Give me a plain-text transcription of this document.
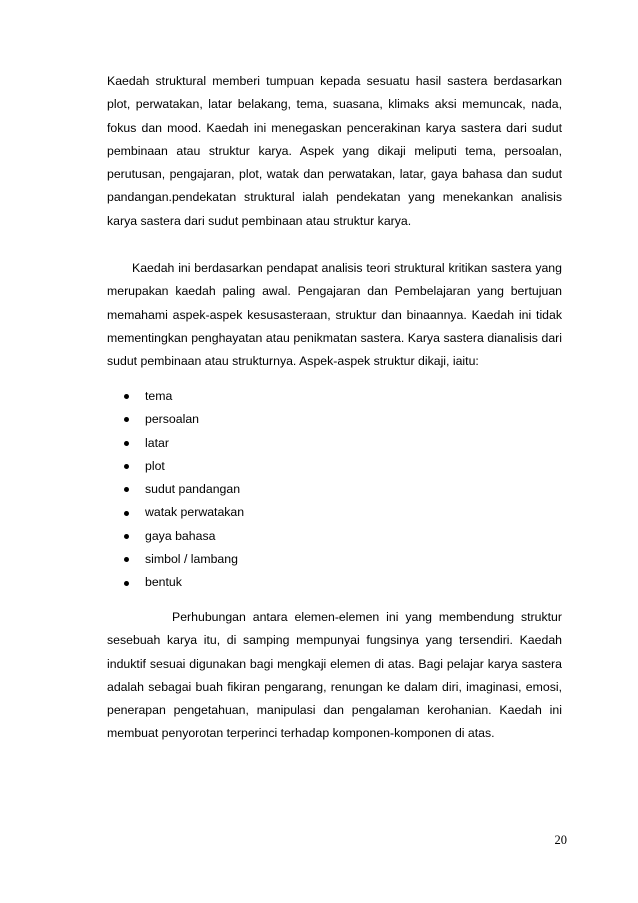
Kaedah struktural memberi tumpuan kepada sesuatu hasil sastera berdasarkan plot, perwatakan, latar belakang, tema, suasana, klimaks aksi memuncak, nada, fokus dan mood. Kaedah ini menegaskan pencerakinan karya sastera dari sudut pembinaan atau struktur karya. Aspek yang dikaji meliputi tema, persoalan, perutusan, pengajaran, plot, watak dan perwatakan, latar, gaya bahasa dan sudut pandangan.pendekatan struktural ialah pendekatan yang menekankan analisis karya sastera dari sudut pembinaan atau struktur karya.

Kaedah ini berdasarkan pendapat analisis teori struktural kritikan sastera yang merupakan kaedah paling awal. Pengajaran dan Pembelajaran yang bertujuan memahami aspek-aspek kesusasteraan, struktur dan binaannya. Kaedah ini tidak mementingkan penghayatan atau penikmatan sastera. Karya sastera dianalisis dari sudut pembinaan atau strukturnya. Aspek-aspek struktur dikaji, iaitu:

tema
persoalan
latar
plot
sudut pandangan
watak perwatakan
gaya bahasa
simbol / lambang
bentuk

Perhubungan antara elemen-elemen ini yang membendung struktur sesebuah karya itu, di samping mempunyai fungsinya yang tersendiri. Kaedah induktif sesuai digunakan bagi mengkaji elemen di atas. Bagi pelajar karya sastera adalah sebagai buah fikiran pengarang, renungan ke dalam diri, imaginasi, emosi, penerapan pengetahuan, manipulasi dan pengalaman kerohanian. Kaedah ini membuat penyorotan terperinci terhadap komponen-komponen di atas.

20
